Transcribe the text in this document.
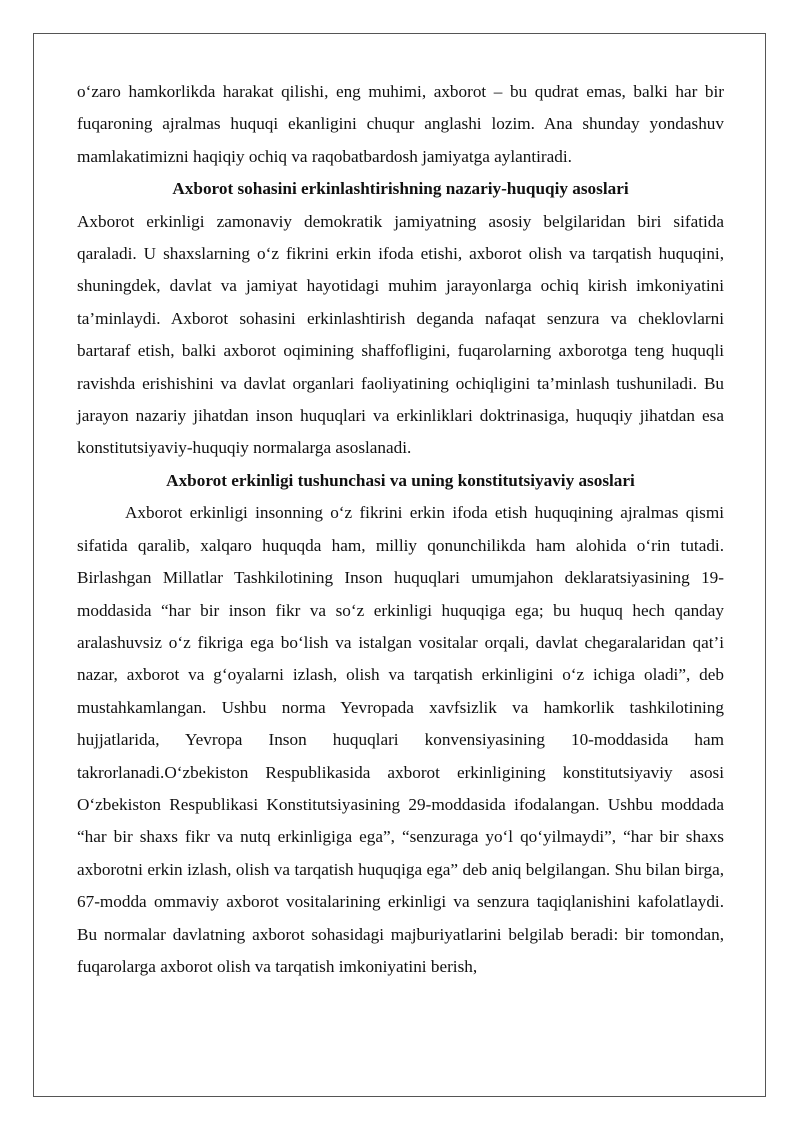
o‘zaro hamkorlikda harakat qilishi, eng muhimi, axborot – bu qudrat emas, balki har bir fuqaroning ajralmas huquqi ekanligini chuqur anglashi lozim. Ana shunday yondashuv mamlakatimizni haqiqiy ochiq va raqobatbardosh jamiyatga aylantiradi.

Axborot sohasini erkinlashtirishning nazariy-huquqiy asoslari

Axborot erkinligi zamonaviy demokratik jamiyatning asosiy belgilaridan biri sifatida qaraladi. U shaxslarning o‘z fikrini erkin ifoda etishi, axborot olish va tarqatish huquqini, shuningdek, davlat va jamiyat hayotidagi muhim jarayonlarga ochiq kirish imkoniyatini ta’minlaydi. Axborot sohasini erkinlashtirish deganda nafaqat senzura va cheklovlarni bartaraf etish, balki axborot oqimining shaffofligini, fuqarolarning axborotga teng huquqli ravishda erishishini va davlat organlari faoliyatining ochiqligini ta’minlash tushuniladi. Bu jarayon nazariy jihatdan inson huquqlari va erkinliklari doktrinasiga, huquqiy jihatdan esa konstitutsiyaviy-huquqiy normalarga asoslanadi.

Axborot erkinligi tushunchasi va uning konstitutsiyaviy asoslari

Axborot erkinligi insonning o‘z fikrini erkin ifoda etish huquqining ajralmas qismi sifatida qaralib, xalqaro huquqda ham, milliy qonunchilikda ham alohida o‘rin tutadi. Birlashgan Millatlar Tashkilotining Inson huquqlari umumjahon deklaratsiyasining 19-moddasida “har bir inson fikr va so‘z erkinligi huquqiga ega; bu huquq hech qanday aralashuvsiz o‘z fikriga ega bo‘lish va istalgan vositalar orqali, davlat chegaralaridan qat’i nazar, axborot va g‘oyalarni izlash, olish va tarqatish erkinligini o‘z ichiga oladi”, deb mustahkamlangan. Ushbu norma Yevropada xavfsizlik va hamkorlik tashkilotining hujjatlarida, Yevropa Inson huquqlari konvensiyasining 10-moddasida ham takrorlanadi.O‘zbekiston Respublikasida axborot erkinligining konstitutsiyaviy asosi O‘zbekiston Respublikasi Konstitutsiyasining 29-moddasida ifodalangan. Ushbu moddada “har bir shaxs fikr va nutq erkinligiga ega”, “senzuraga yo‘l qo‘yilmaydi”, “har bir shaxs axborotni erkin izlash, olish va tarqatish huquqiga ega” deb aniq belgilangan. Shu bilan birga, 67-modda ommaviy axborot vositalarining erkinligi va senzura taqiqlanishini kafolatlaydi. Bu normalar davlatning axborot sohasidagi majburiyatlarini belgilab beradi: bir tomondan, fuqarolarga axborot olish va tarqatish imkoniyatini berish,
